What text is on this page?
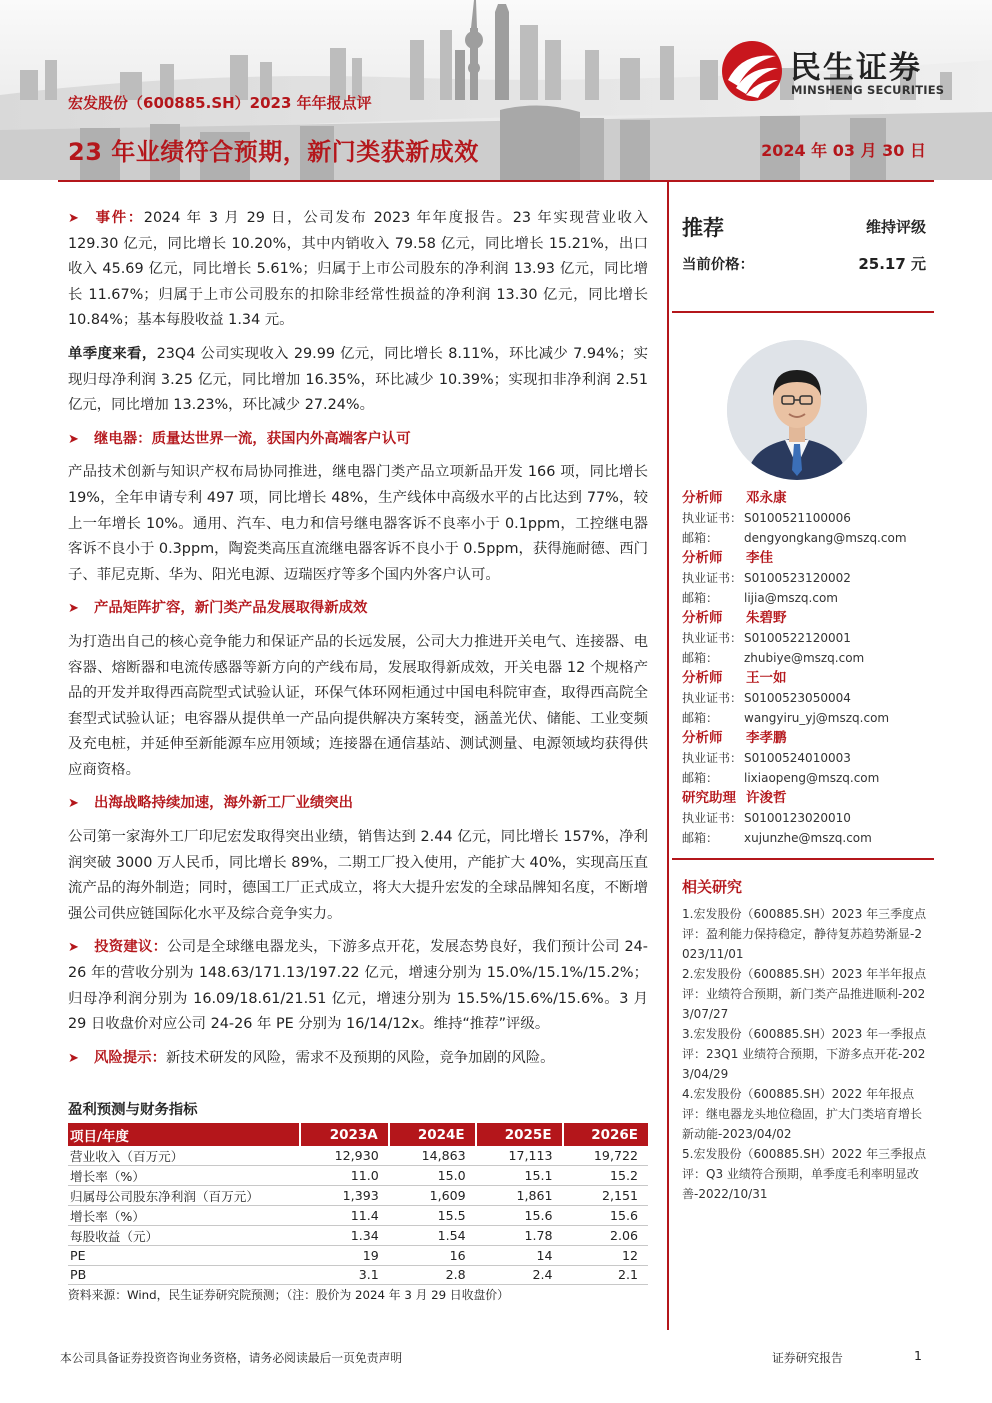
民生证券
MINSHENG SECURITIES
宏发股份（600885.SH）2023 年年报点评
23 年业绩符合预期，新门类获新成效	2024 年 03 月 30 日

➤ 事件：2024 年 3 月 29 日，公司发布 2023 年年度报告。23 年实现营业收入 129.30 亿元，同比增长 10.20%，其中内销收入 79.58 亿元，同比增长 15.21%，出口收入 45.69 亿元，同比增长 5.61%；归属于上市公司股东的净利润 13.93 亿元，同比增长 11.67%；归属于上市公司股东的扣除非经常性损益的净利润 13.30 亿元，同比增长 10.84%；基本每股收益 1.34 元。

单季度来看，23Q4 公司实现收入 29.99 亿元，同比增长 8.11%，环比减少 7.94%；实现归母净利润 3.25 亿元，同比增加 16.35%，环比减少 10.39%；实现扣非净利润 2.51 亿元，同比增加 13.23%，环比减少 27.24%。

➤ 继电器：质量达世界一流，获国内外高端客户认可

产品技术创新与知识产权布局协同推进，继电器门类产品立项新品开发 166 项，同比增长 19%，全年申请专利 497 项，同比增长 48%，生产线体中高级水平的占比达到 77%，较上一年增长 10%。通用、汽车、电力和信号继电器客诉不良率小于 0.1ppm，工控继电器客诉不良小于 0.3ppm，陶瓷类高压直流继电器客诉不良小于 0.5ppm，获得施耐德、西门子、菲尼克斯、华为、阳光电源、迈瑞医疗等多个国内外客户认可。

➤ 产品矩阵扩容，新门类产品发展取得新成效

为打造出自己的核心竞争能力和保证产品的长远发展，公司大力推进开关电气、连接器、电容器、熔断器和电流传感器等新方向的产线布局，发展取得新成效，开关电器 12 个规格产品的开发并取得西高院型式试验认证，环保气体环网柜通过中国电科院审查，取得西高院全套型式试验认证；电容器从提供单一产品向提供解决方案转变，涵盖光伏、储能、工业变频及充电桩，并延伸至新能源车应用领域；连接器在通信基站、测试测量、电源领域均获得供应商资格。

➤ 出海战略持续加速，海外新工厂业绩突出

公司第一家海外工厂印尼宏发取得突出业绩，销售达到 2.44 亿元，同比增长 157%，净利润突破 3000 万人民币，同比增长 89%，二期工厂投入使用，产能扩大 40%，实现高压直流产品的海外制造；同时，德国工厂正式成立，将大大提升宏发的全球品牌知名度，不断增强公司供应链国际化水平及综合竞争实力。

➤ 投资建议：公司是全球继电器龙头，下游多点开花，发展态势良好，我们预计公司 24-26 年的营收分别为 148.63/171.13/197.22 亿元，增速分别为 15.0%/15.1%/15.2%；归母净利润分别为 16.09/18.61/21.51 亿元，增速分别为 15.5%/15.6%/15.6%。3 月 29 日收盘价对应公司 24-26 年 PE 分别为 16/14/12x。维持“推荐”评级。

➤ 风险提示：新技术研发的风险，需求不及预期的风险，竞争加剧的风险。

盈利预测与财务指标
项目/年度	2023A	2024E	2025E	2026E
营业收入（百万元）	12,930	14,863	17,113	19,722
增长率（%）	11.0	15.0	15.1	15.2
归属母公司股东净利润（百万元）	1,393	1,609	1,861	2,151
增长率（%）	11.4	15.5	15.6	15.6
每股收益（元）	1.34	1.54	1.78	2.06
PE	19	16	14	12
PB	3.1	2.8	2.4	2.1
资料来源：Wind，民生证券研究院预测；（注：股价为 2024 年 3 月 29 日收盘价）
推荐	维持评级
当前价格：	25.17 元
分析师 邓永康
执业证书： S0100521100006
邮箱： dengyongkang@mszq.com
分析师 李佳
执业证书： S0100523120002
邮箱： lijia@mszq.com
分析师 朱碧野
执业证书： S0100522120001
邮箱： zhubiye@mszq.com
分析师 王一如
执业证书： S0100523050004
邮箱： wangyiru_yj@mszq.com
分析师 李孝鹏
执业证书： S0100524010003
邮箱： lixiaopeng@mszq.com
研究助理 许浚哲
执业证书： S0100123020010
邮箱： xujunzhe@mszq.com
相关研究
1.宏发股份（600885.SH）2023 年三季度点评：盈利能力保持稳定，静待复苏趋势渐显-2023/11/01
2.宏发股份（600885.SH）2023 年半年报点评：业绩符合预期，新门类产品推进顺利-2023/07/27
3.宏发股份（600885.SH）2023 年一季报点评：23Q1 业绩符合预期，下游多点开花-2023/04/29
4.宏发股份（600885.SH）2022 年年报点评：继电器龙头地位稳固，扩大门类培育增长新动能-2023/04/02
5.宏发股份（600885.SH）2022 年三季报点评：Q3 业绩符合预期，单季度毛利率明显改善-2022/10/31
本公司具备证券投资咨询业务资格，请务必阅读最后一页免责声明	证券研究报告	1
